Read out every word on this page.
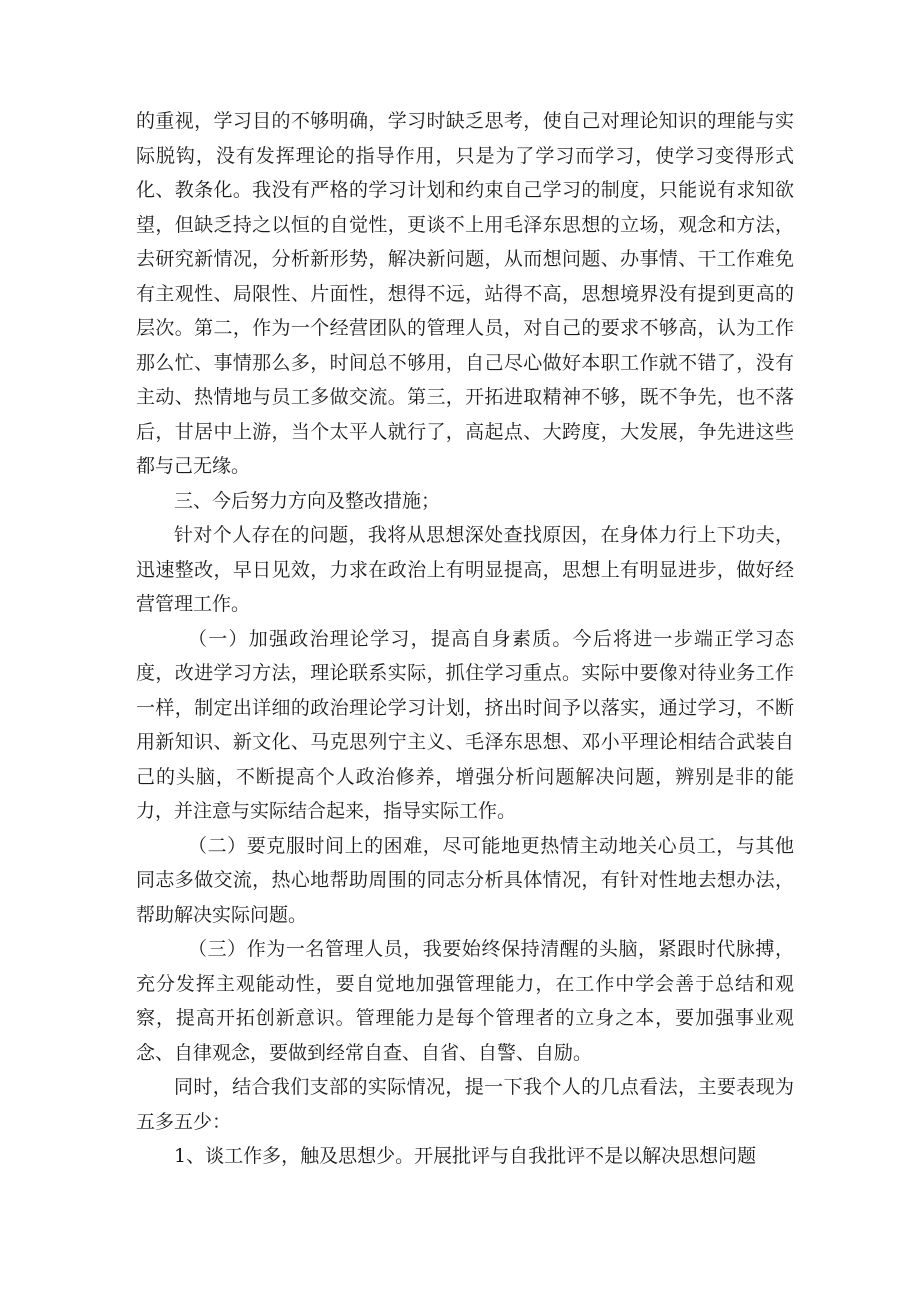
的重视，学习目的不够明确，学习时缺乏思考，使自己对理论知识的理能与实际脱钩，没有发挥理论的指导作用，只是为了学习而学习，使学习变得形式化、教条化。我没有严格的学习计划和约束自己学习的制度，只能说有求知欲望，但缺乏持之以恒的自觉性，更谈不上用毛泽东思想的立场，观念和方法，去研究新情况，分析新形势，解决新问题，从而想问题、办事情、干工作难免有主观性、局限性、片面性，想得不远，站得不高，思想境界没有提到更高的层次。第二，作为一个经营团队的管理人员，对自己的要求不够高，认为工作那么忙、事情那么多，时间总不够用，自己尽心做好本职工作就不错了，没有主动、热情地与员工多做交流。第三，开拓进取精神不够，既不争先，也不落后，甘居中上游，当个太平人就行了，高起点、大跨度，大发展，争先进这些都与己无缘。

三、今后努力方向及整改措施；

针对个人存在的问题，我将从思想深处查找原因，在身体力行上下功夫，迅速整改，早日见效，力求在政治上有明显提高，思想上有明显进步，做好经营管理工作。

（一）加强政治理论学习，提高自身素质。今后将进一步端正学习态度，改进学习方法，理论联系实际，抓住学习重点。实际中要像对待业务工作一样，制定出详细的政治理论学习计划，挤出时间予以落实，通过学习，不断用新知识、新文化、马克思列宁主义、毛泽东思想、邓小平理论相结合武装自己的头脑，不断提高个人政治修养，增强分析问题解决问题，辨别是非的能力，并注意与实际结合起来，指导实际工作。

（二）要克服时间上的困难，尽可能地更热情主动地关心员工，与其他同志多做交流，热心地帮助周围的同志分析具体情况，有针对性地去想办法，帮助解决实际问题。

（三）作为一名管理人员，我要始终保持清醒的头脑，紧跟时代脉搏，充分发挥主观能动性，要自觉地加强管理能力，在工作中学会善于总结和观察，提高开拓创新意识。管理能力是每个管理者的立身之本，要加强事业观念、自律观念，要做到经常自查、自省、自警、自励。

同时，结合我们支部的实际情况，提一下我个人的几点看法，主要表现为五多五少：

1、谈工作多，触及思想少。开展批评与自我批评不是以解决思想问题
